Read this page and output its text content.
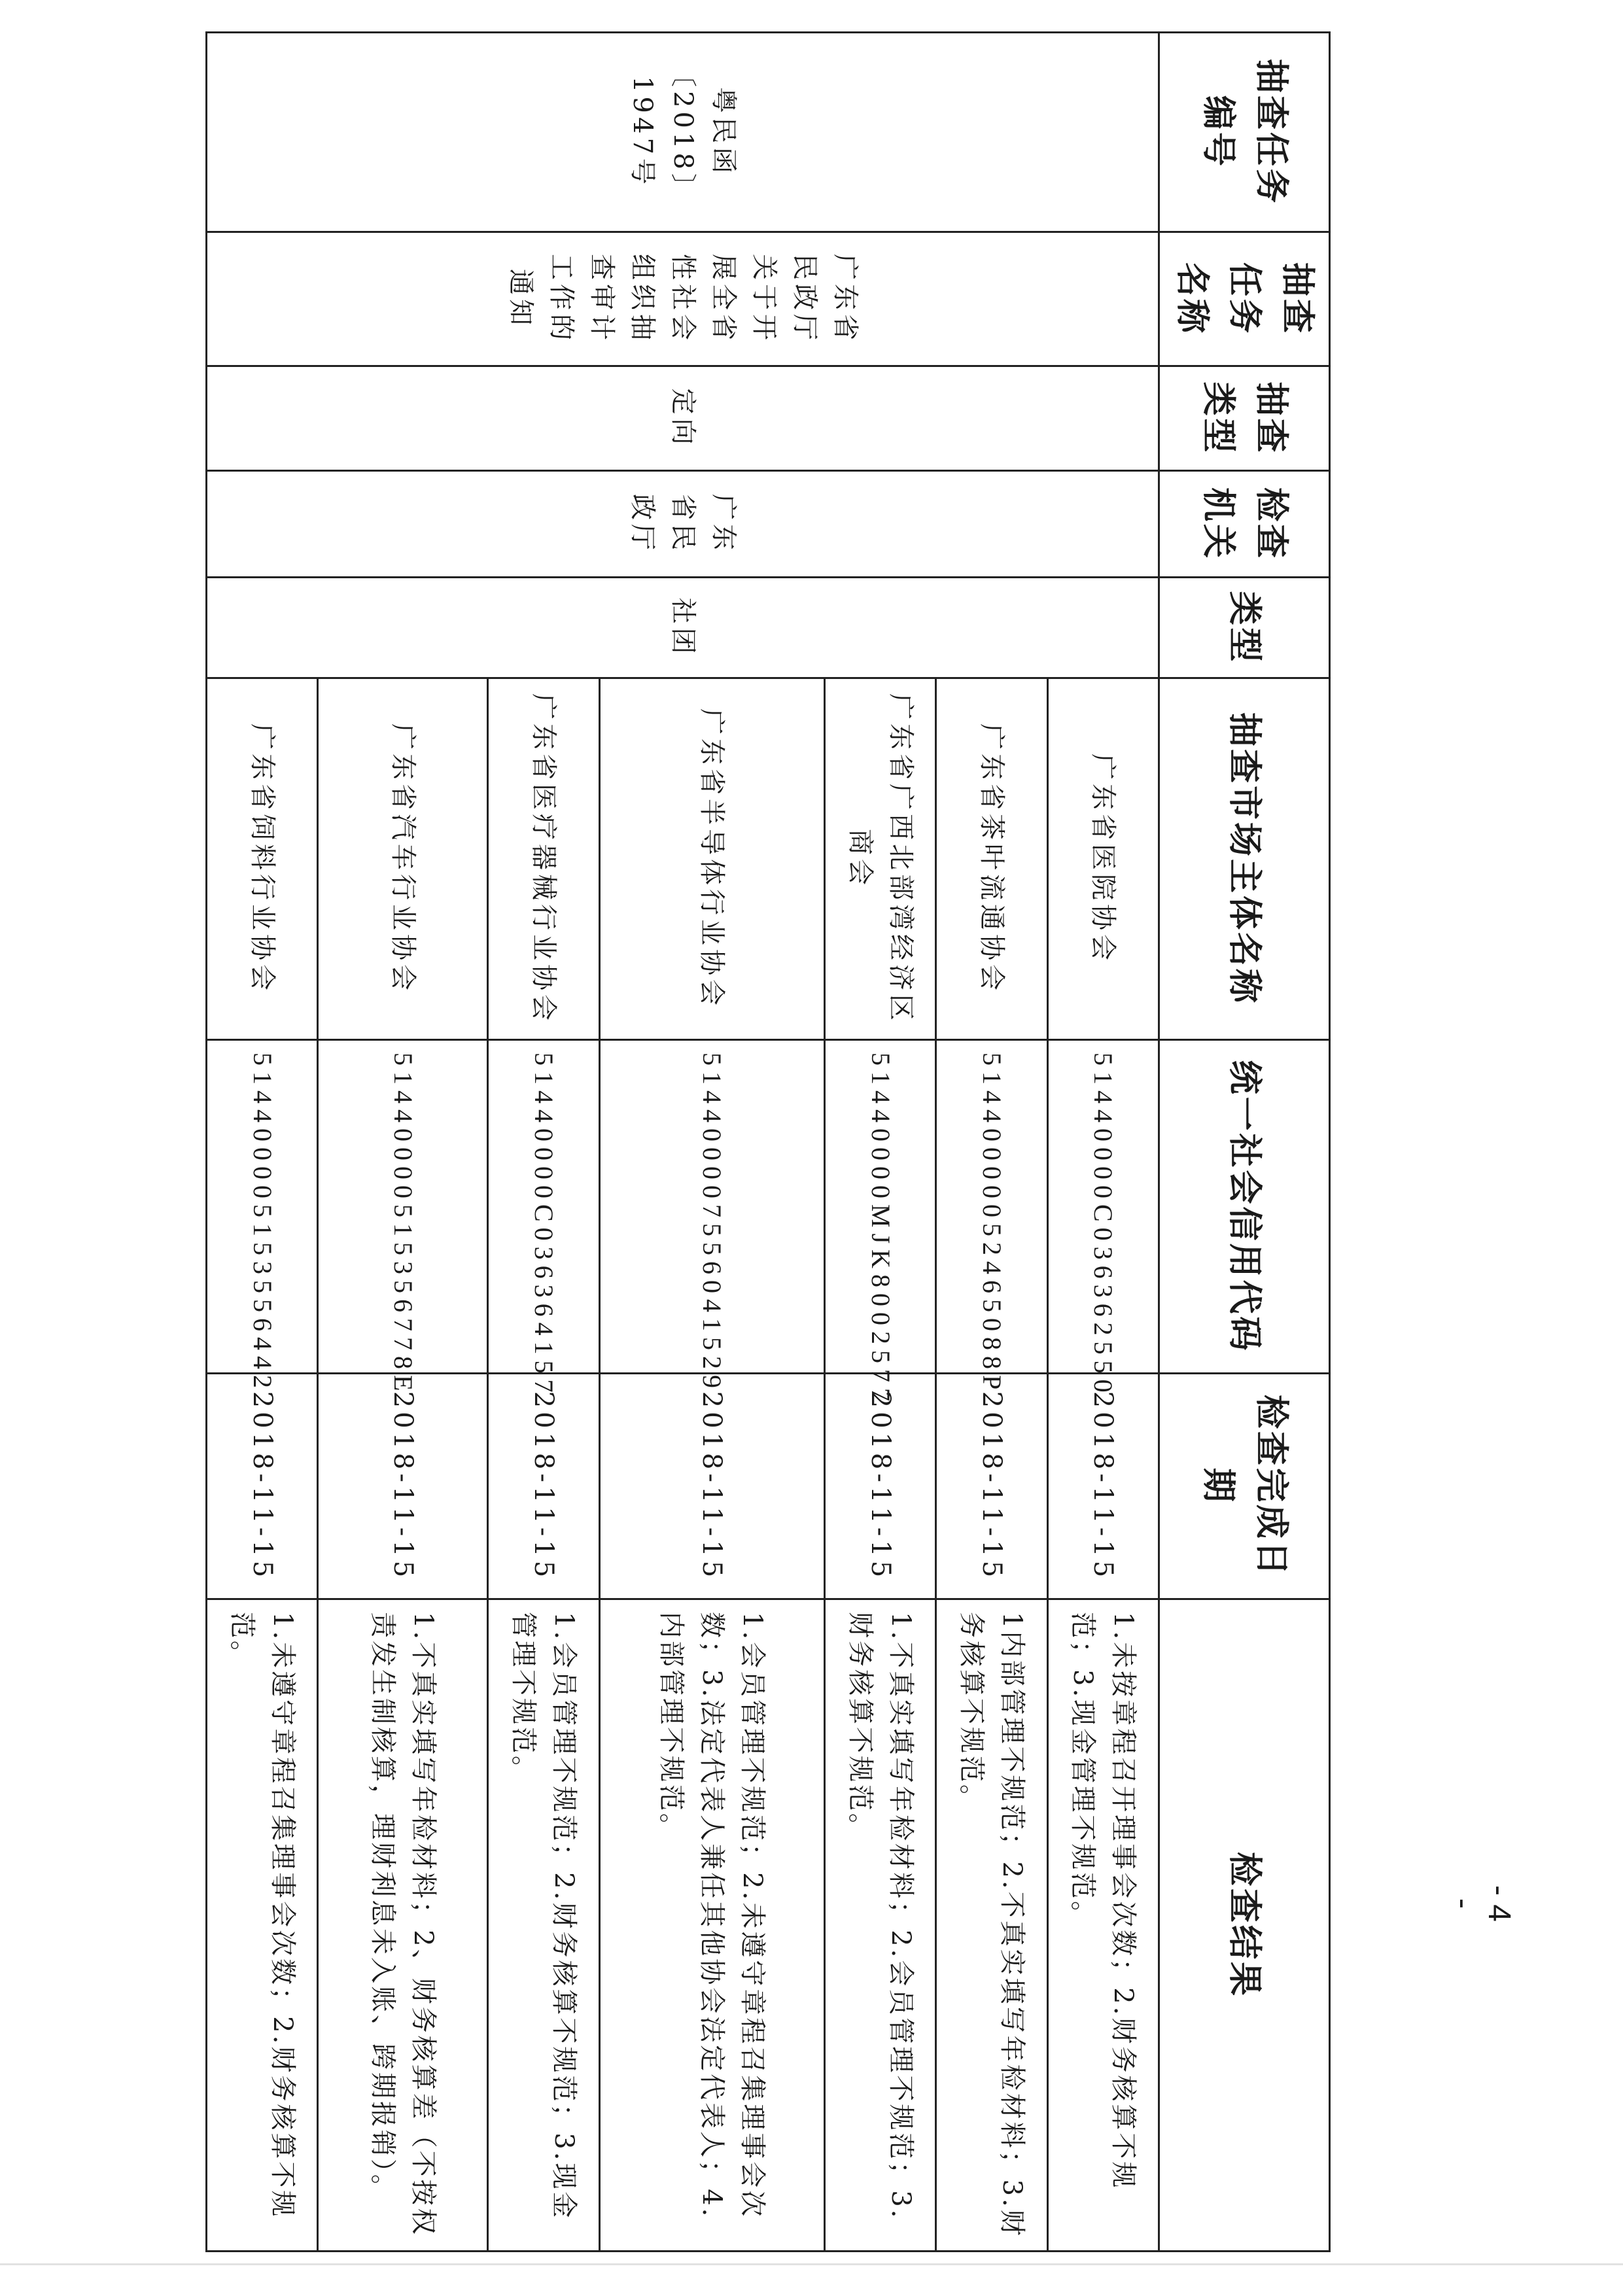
抽查任务编号	抽查任务名称	抽查类型	检查机关	类型	抽查市场主体名称	统一社会信用代码	检查完成日期	检查结果
粤民函〔2018〕1947号	广东省民政厅关于开展全省性社会组织抽查审计工作的通知	定向	广东省民政厅	社团	广东省医院协会	51440000C036362550	2018-11-15	1.未按章程召开理事会次数；2.财务核算不规范；3.现金管理不规范。
					广东省茶叶流通协会	51440000052465088P	2018-11-15	1内部管理不规范；2.不真实填写年检材料；3.财务核算不规范。
					广东省广西北部湾经济区商会	51440000MJK8002577	2018-11-15	1.不真实填写年检材料；2.会员管理不规范；3.财务核算不规范。
					广东省半导体行业协会	514400007556041529	2018-11-15	1.会员管理不规范；2.未遵守章程召集理事会次数；3.法定代表人兼任其他协会法定代表人；4.内部管理不规范。
					广东省医疗器械行业协会	51440000C036364157	2018-11-15	1.会员管理不规范；2.财务核算不规范；3.现金管理不规范。
					广东省汽车行业协会	51440000515356778E	2018-11-15	1.不真实填写年检材料；2、财务核算差（不按权责发生制核算，理财利息未入账、跨期报销）。
					广东省饲料行业协会	514400005153556442	2018-11-15	1.未遵守章程召集理事会次数；2.财务核算不规范。
- 4 -
